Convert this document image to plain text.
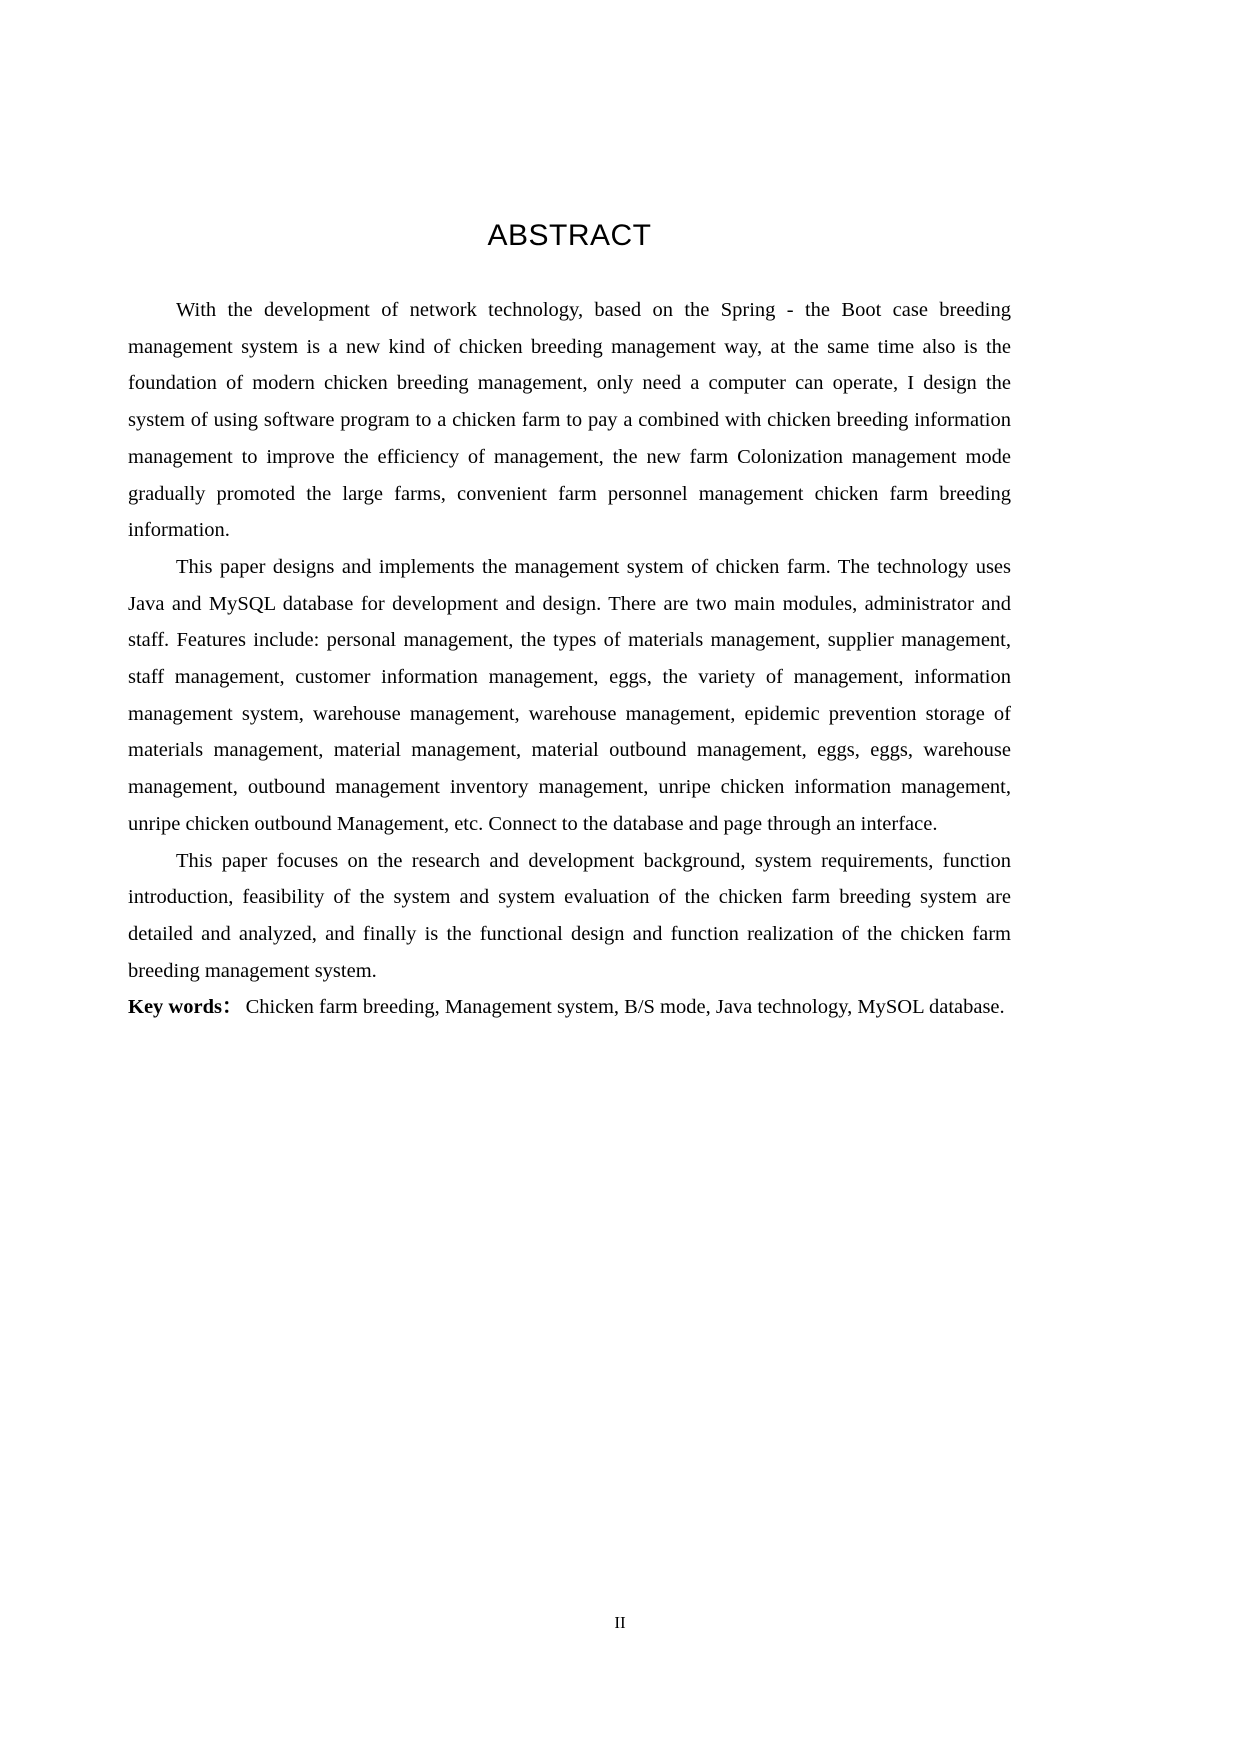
ABSTRACT

With the development of network technology, based on the Spring - the Boot case breeding management system is a new kind of chicken breeding management way, at the same time also is the foundation of modern chicken breeding management, only need a computer can operate, I design the system of using software program to a chicken farm to pay a combined with chicken breeding information management to improve the efficiency of management, the new farm Colonization management mode gradually promoted the large farms, convenient farm personnel management chicken farm breeding information.

This paper designs and implements the management system of chicken farm. The technology uses Java and MySQL database for development and design. There are two main modules, administrator and staff. Features include: personal management, the types of materials management, supplier management, staff management, customer information management, eggs, the variety of management, information management system, warehouse management, warehouse management, epidemic prevention storage of materials management, material management, material outbound management, eggs, eggs, warehouse management, outbound management inventory management, unripe chicken information management, unripe chicken outbound Management, etc. Connect to the database and page through an interface.

This paper focuses on the research and development background, system requirements, function introduction, feasibility of the system and system evaluation of the chicken farm breeding system are detailed and analyzed, and finally is the functional design and function realization of the chicken farm breeding management system.

Key words： Chicken farm breeding, Management system, B/S mode, Java technology, MySOL database.

II
